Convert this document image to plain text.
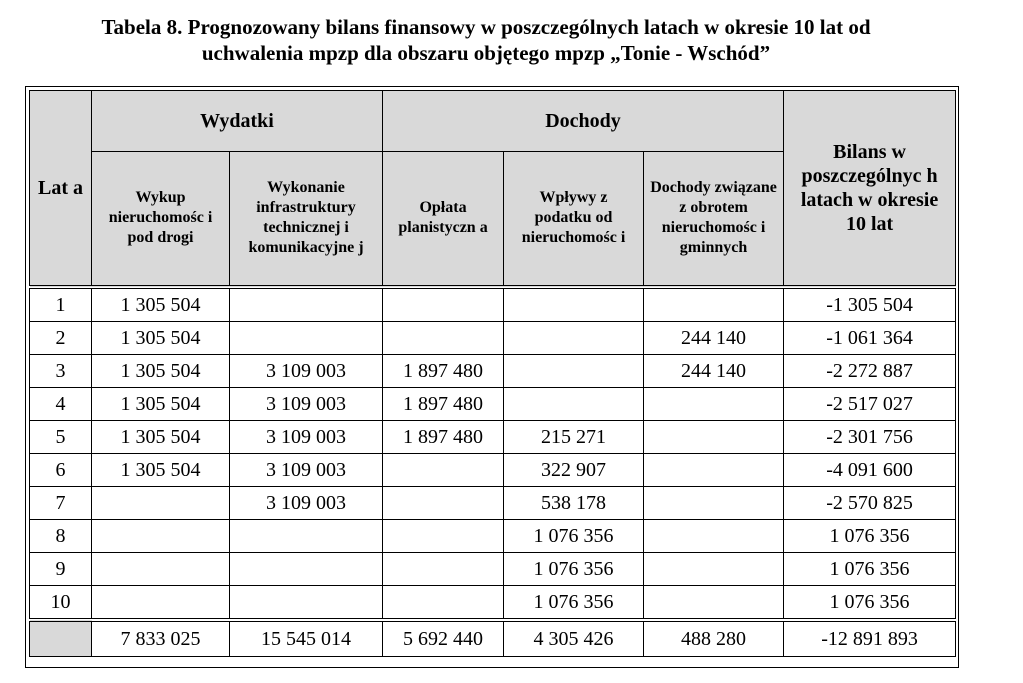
Tabela 8. Prognozowany bilans finansowy w poszczególnych latach w okresie 10 lat od
uchwalenia mpzp dla obszaru objętego mpzp „Tonie - Wschód”
Lat a	Wydatki		Dochody			Bilans w poszczególnyc h latach w okresie 10 lat
	Wykup nieruchomośc i pod drogi	Wykonanie infrastruktury technicznej i komunikacyjne j	Opłata planistyczn a	Wpływy z podatku od nieruchomośc i	Dochody związane z obrotem nieruchomośc i gminnych	
1	1 305 504					-1 305 504
2	1 305 504				244 140	-1 061 364
3	1 305 504	3 109 003	1 897 480		244 140	-2 272 887
4	1 305 504	3 109 003	1 897 480			-2 517 027
5	1 305 504	3 109 003	1 897 480	215 271		-2 301 756
6	1 305 504	3 109 003		322 907		-4 091 600
7		3 109 003		538 178		-2 570 825
8				1 076 356		1 076 356
9				1 076 356		1 076 356
10				1 076 356		1 076 356
	7 833 025	15 545 014	5 692 440	4 305 426	488 280	-12 891 893
